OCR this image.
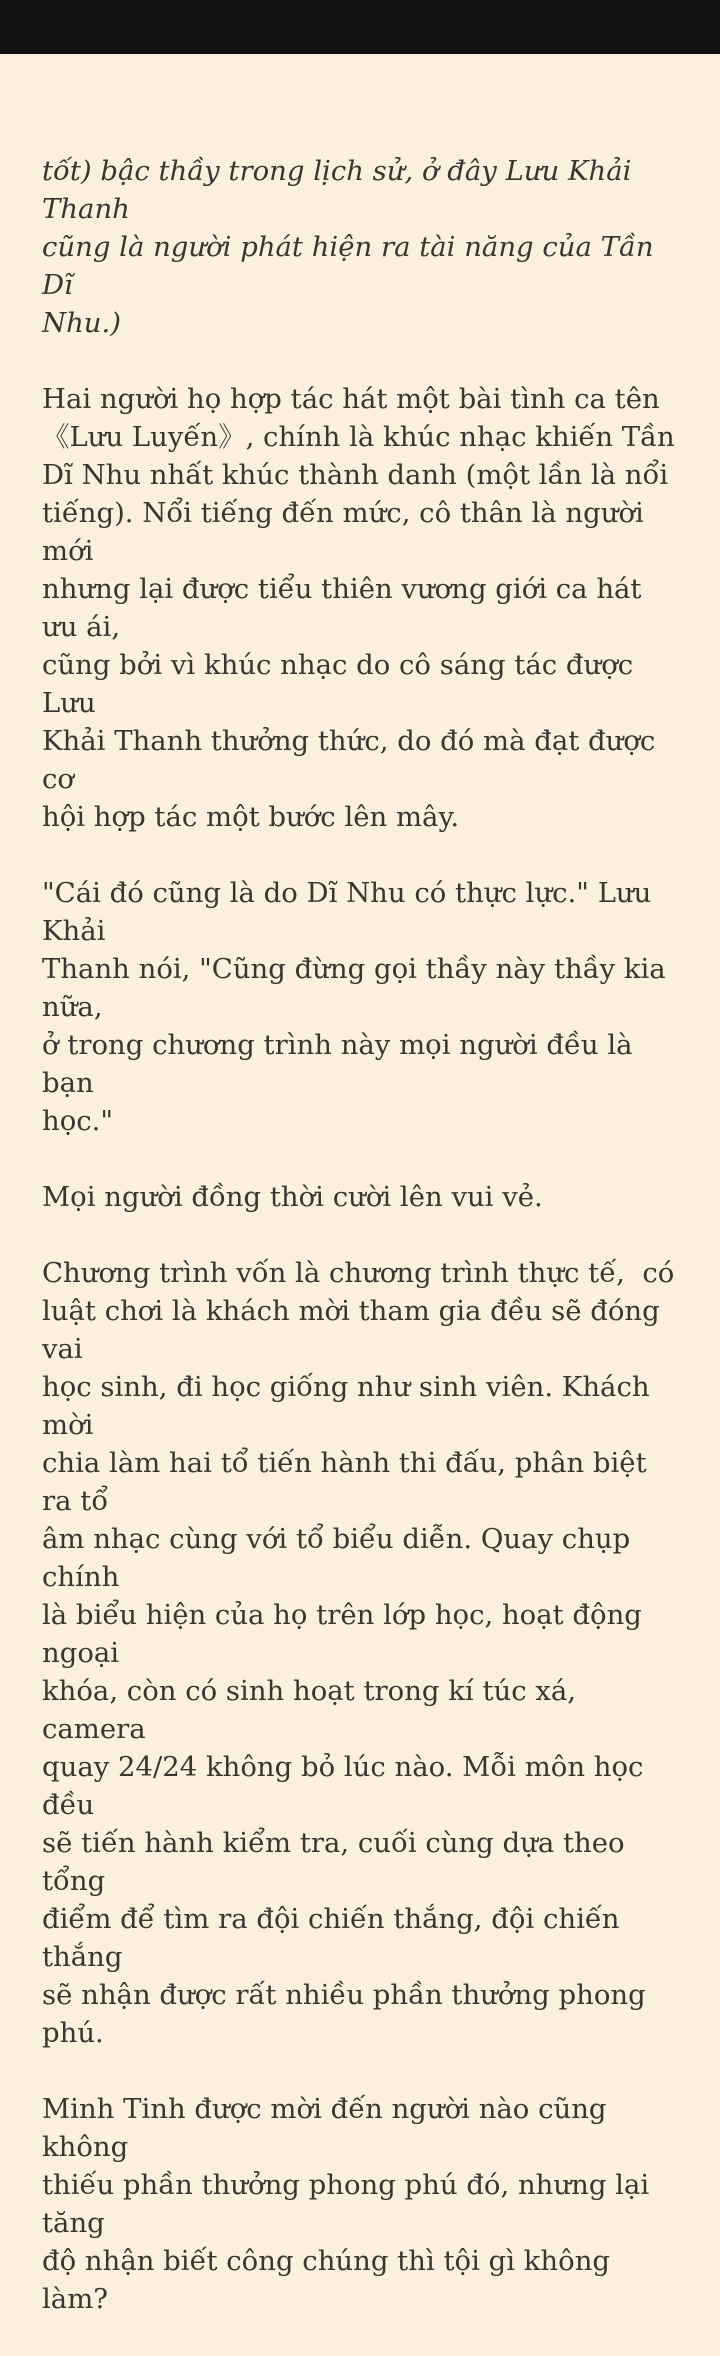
tốt) bậc thầy trong lịch sử, ở đây Lưu Khải Thanh
cũng là người phát hiện ra tài năng của Tần Dĩ
Nhu.)
Hai người họ hợp tác hát một bài tình ca tên
《Lưu Luyến》, chính là khúc nhạc khiến Tần
Dĩ Nhu nhất khúc thành danh (một lần là nổi
tiếng). Nổi tiếng đến mức, cô thân là người mới
nhưng lại được tiểu thiên vương giới ca hát ưu ái,
cũng bởi vì khúc nhạc do cô sáng tác được Lưu
Khải Thanh thưởng thức, do đó mà đạt được cơ
hội hợp tác một bước lên mây.
"Cái đó cũng là do Dĩ Nhu có thực lực." Lưu Khải
Thanh nói, "Cũng đừng gọi thầy này thầy kia nữa,
ở trong chương trình này mọi người đều là bạn
học."
Mọi người đồng thời cười lên vui vẻ.
Chương trình vốn là chương trình thực tế,  có
luật chơi là khách mời tham gia đều sẽ đóng vai
học sinh, đi học giống như sinh viên. Khách mời
chia làm hai tổ tiến hành thi đấu, phân biệt ra tổ
âm nhạc cùng với tổ biểu diễn. Quay chụp chính
là biểu hiện của họ trên lớp học, hoạt động ngoại
khóa, còn có sinh hoạt trong kí túc xá, camera
quay 24/24 không bỏ lúc nào. Mỗi môn học đều
sẽ tiến hành kiểm tra, cuối cùng dựa theo tổng
điểm để tìm ra đội chiến thắng, đội chiến thắng
sẽ nhận được rất nhiều phần thưởng phong phú.
Minh Tinh được mời đến người nào cũng không
thiếu phần thưởng phong phú đó, nhưng lại tăng
độ nhận biết công chúng thì tội gì không làm?
